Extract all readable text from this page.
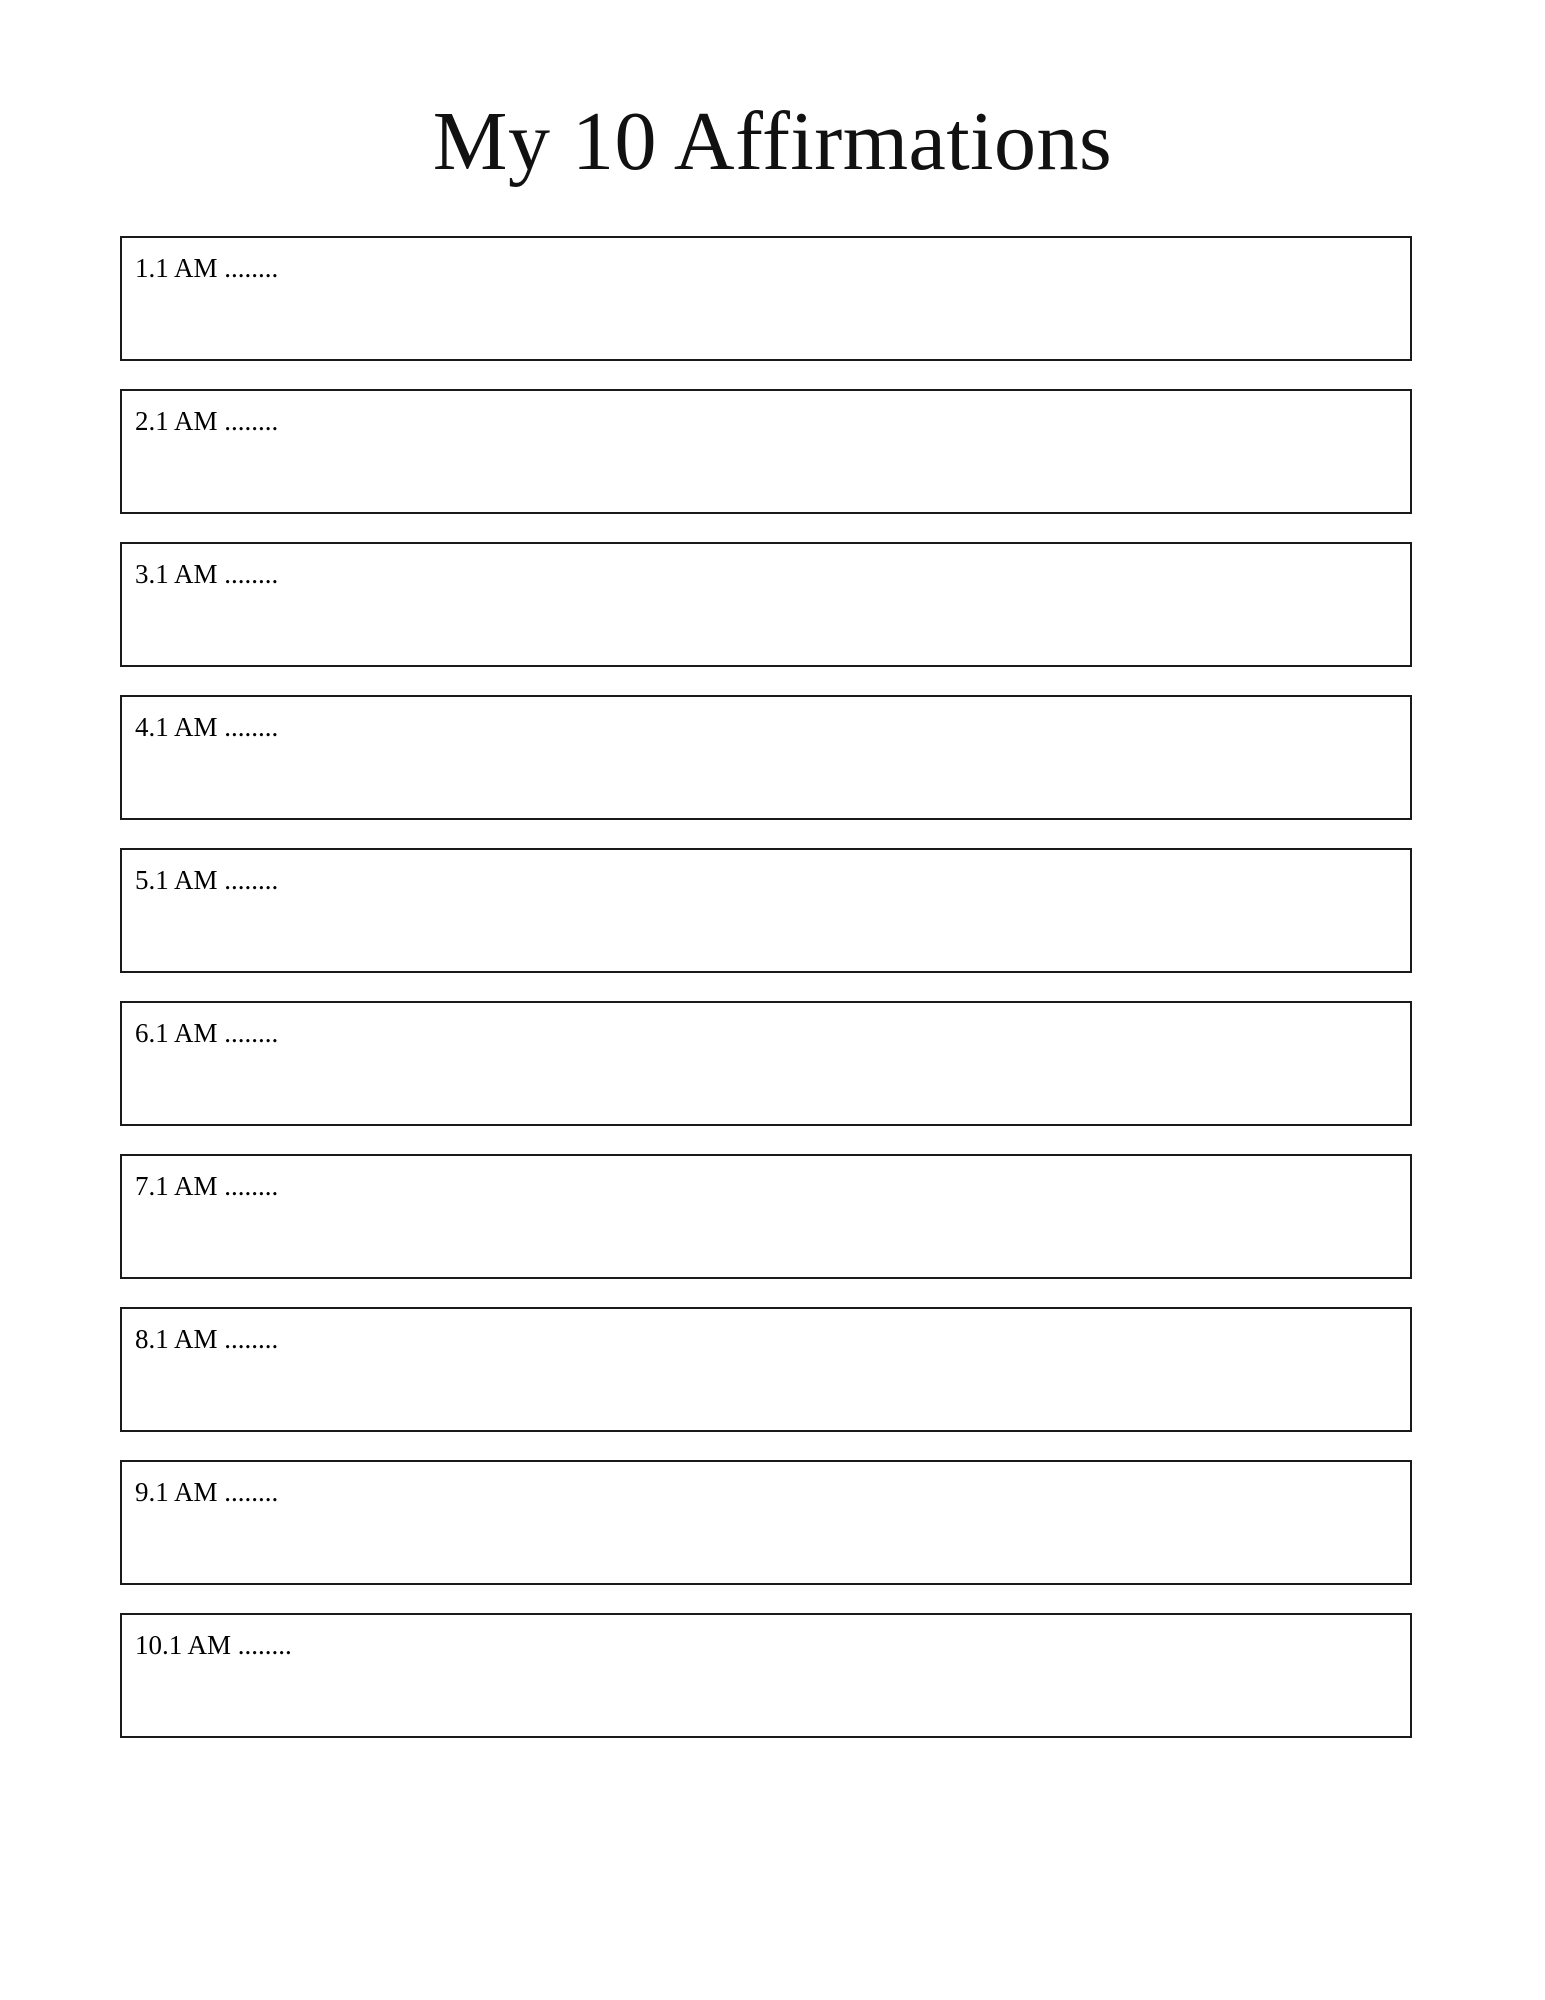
My 10 Affirmations
1.1 AM ........
2.1 AM ........
3.1 AM ........
4.1 AM ........
5.1 AM ........
6.1 AM ........
7.1 AM ........
8.1 AM ........
9.1 AM ........
10.1 AM ........
